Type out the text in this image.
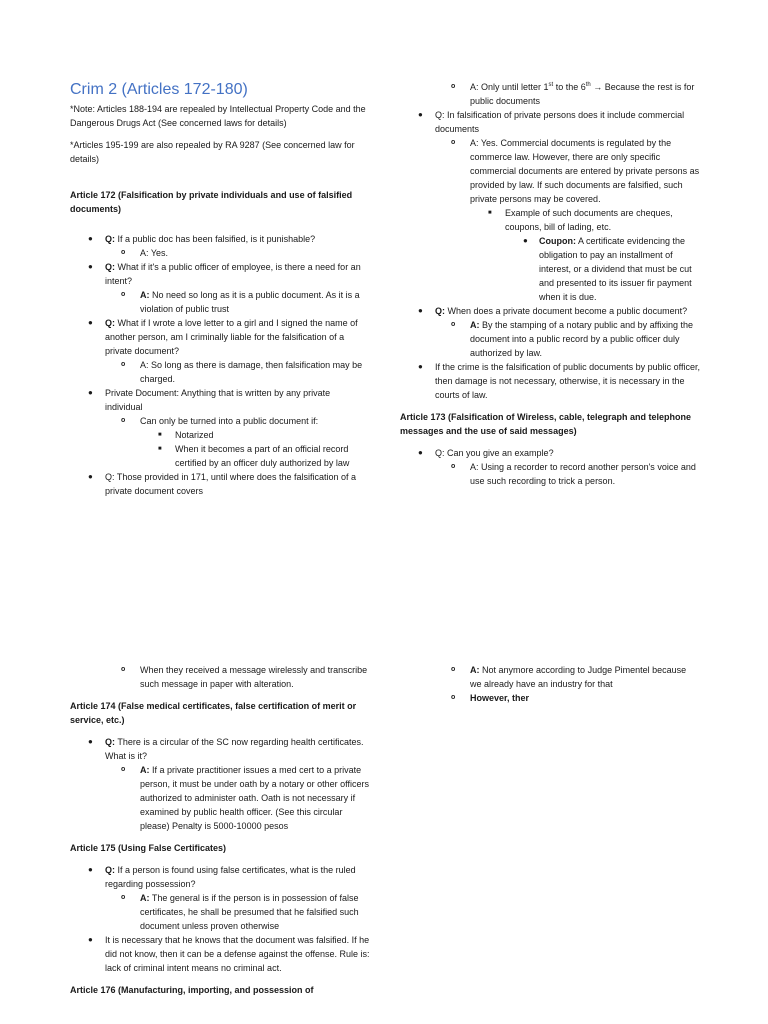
Crim 2 (Articles 172-180)

*Note: Articles 188-194 are repealed by Intellectual Property Code and the Dangerous Drugs Act (See concerned laws for details)

*Articles 195-199 are also repealed by RA 9287 (See concerned law for details)

Article 172 (Falsification by private individuals and use of falsified documents)

● Q: If a public doc has been falsified, is it punishable?
o A: Yes.
● Q: What if it's a public officer of employee, is there a need for an intent?
o A: No need so long as it is a public document. As it is a violation of public trust
● Q: What if I wrote a love letter to a girl and I signed the name of another person, am I criminally liable for the falsification of a private document?
o A: So long as there is damage, then falsification may be charged.
● Private Document: Anything that is written by any private individual
o Can only be turned into a public document if:
■ Notarized
■ When it becomes a part of an official record certified by an officer duly authorized by law
● Q: Those provided in 171, until where does the falsification of a private document covers
o A: Only until letter 1st to the 6th → Because the rest is for public documents
● Q: In falsification of private persons does it include commercial documents
o A: Yes. Commercial documents is regulated by the commerce law. However, there are only specific commercial documents are entered by private persons as provided by law. If such documents are falsified, such private persons may be covered.
■ Example of such documents are cheques, coupons, bill of lading, etc.
● Coupon: A certificate evidencing the obligation to pay an installment of interest, or a dividend that must be cut and presented to its issuer fir payment when it is due.
● Q: When does a private document become a public document?
o A: By the stamping of a notary public and by affixing the document into a public record by a public officer duly authorized by law.
● If the crime is the falsification of public documents by public officer, then damage is not necessary, otherwise, it is necessary in the courts of law.

Article 173 (Falsification of Wireless, cable, telegraph and telephone messages and the use of said messages)

● Q: Can you give an example?
o A: Using a recorder to record another person's voice and use such recording to trick a person.
o When they received a message wirelessly and transcribe such message in paper with alteration.

Article 174 (False medical certificates, false certification of merit or service, etc.)

● Q: There is a circular of the SC now regarding health certificates. What is it?
o A: If a private practitioner issues a med cert to a private person, it must be under oath by a notary or other officers authorized to administer oath. Oath is not necessary if examined by public health officer. (See this circular please) Penalty is 5000-10000 pesos

Article 175 (Using False Certificates)

● Q: If a person is found using false certificates, what is the ruled regarding possession?
o A: The general is if the person is in possession of false certificates, he shall be presumed that he falsified such document unless proven otherwise
● It is necessary that he knows that the document was falsified. If he did not know, then it can be a defense against the offense. Rule is: lack of criminal intent means no criminal act.

Article 176 (Manufacturing, importing, and possession of

o A: Not anymore according to Judge Pimentel because we already have an industry for that
o However, ther
